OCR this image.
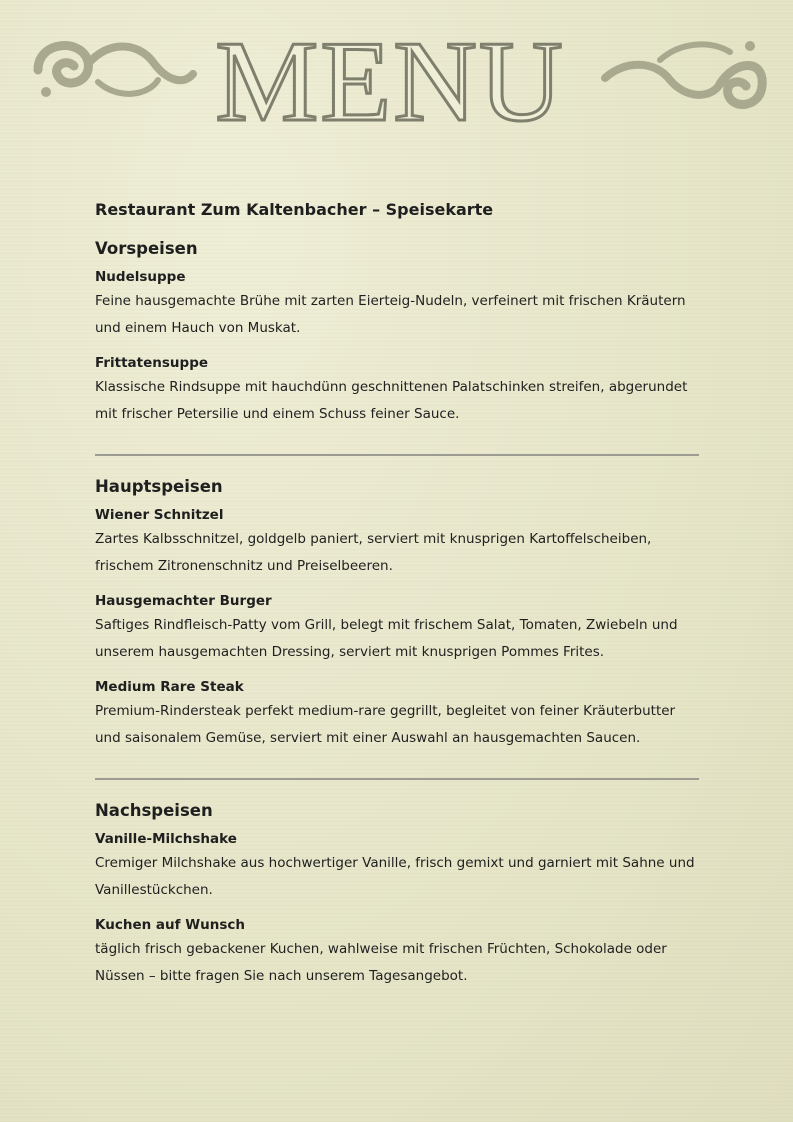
MENU
Restaurant Zum Kaltenbacher – Speisekarte
Vorspeisen

Nudelsuppe

Feine hausgemachte Brühe mit zarten Eierteig-Nudeln, verfeinert mit frischen Kräutern und einem Hauch von Muskat.

Frittatensuppe

Klassische Rindsuppe mit hauchdünn geschnittenen Palatschinken streifen, abgerundet mit frischer Petersilie und einem Schuss feiner Sauce.

Hauptspeisen

Wiener Schnitzel

Zartes Kalbsschnitzel, goldgelb paniert, serviert mit knusprigen Kartoffelscheiben, frischem Zitronenschnitz und Preiselbeeren.

Hausgemachter Burger

Saftiges Rindfleisch-Patty vom Grill, belegt mit frischem Salat, Tomaten, Zwiebeln und unserem hausgemachten Dressing, serviert mit knusprigen Pommes Frites.

Medium Rare Steak

Premium-Rindersteak perfekt medium-rare gegrillt, begleitet von feiner Kräuterbutter und saisonalem Gemüse, serviert mit einer Auswahl an hausgemachten Saucen.

Nachspeisen

Vanille-Milchshake

Cremiger Milchshake aus hochwertiger Vanille, frisch gemixt und garniert mit Sahne und Vanillestückchen.

Kuchen auf Wunsch

täglich frisch gebackener Kuchen, wahlweise mit frischen Früchten, Schokolade oder Nüssen – bitte fragen Sie nach unserem Tagesangebot.
